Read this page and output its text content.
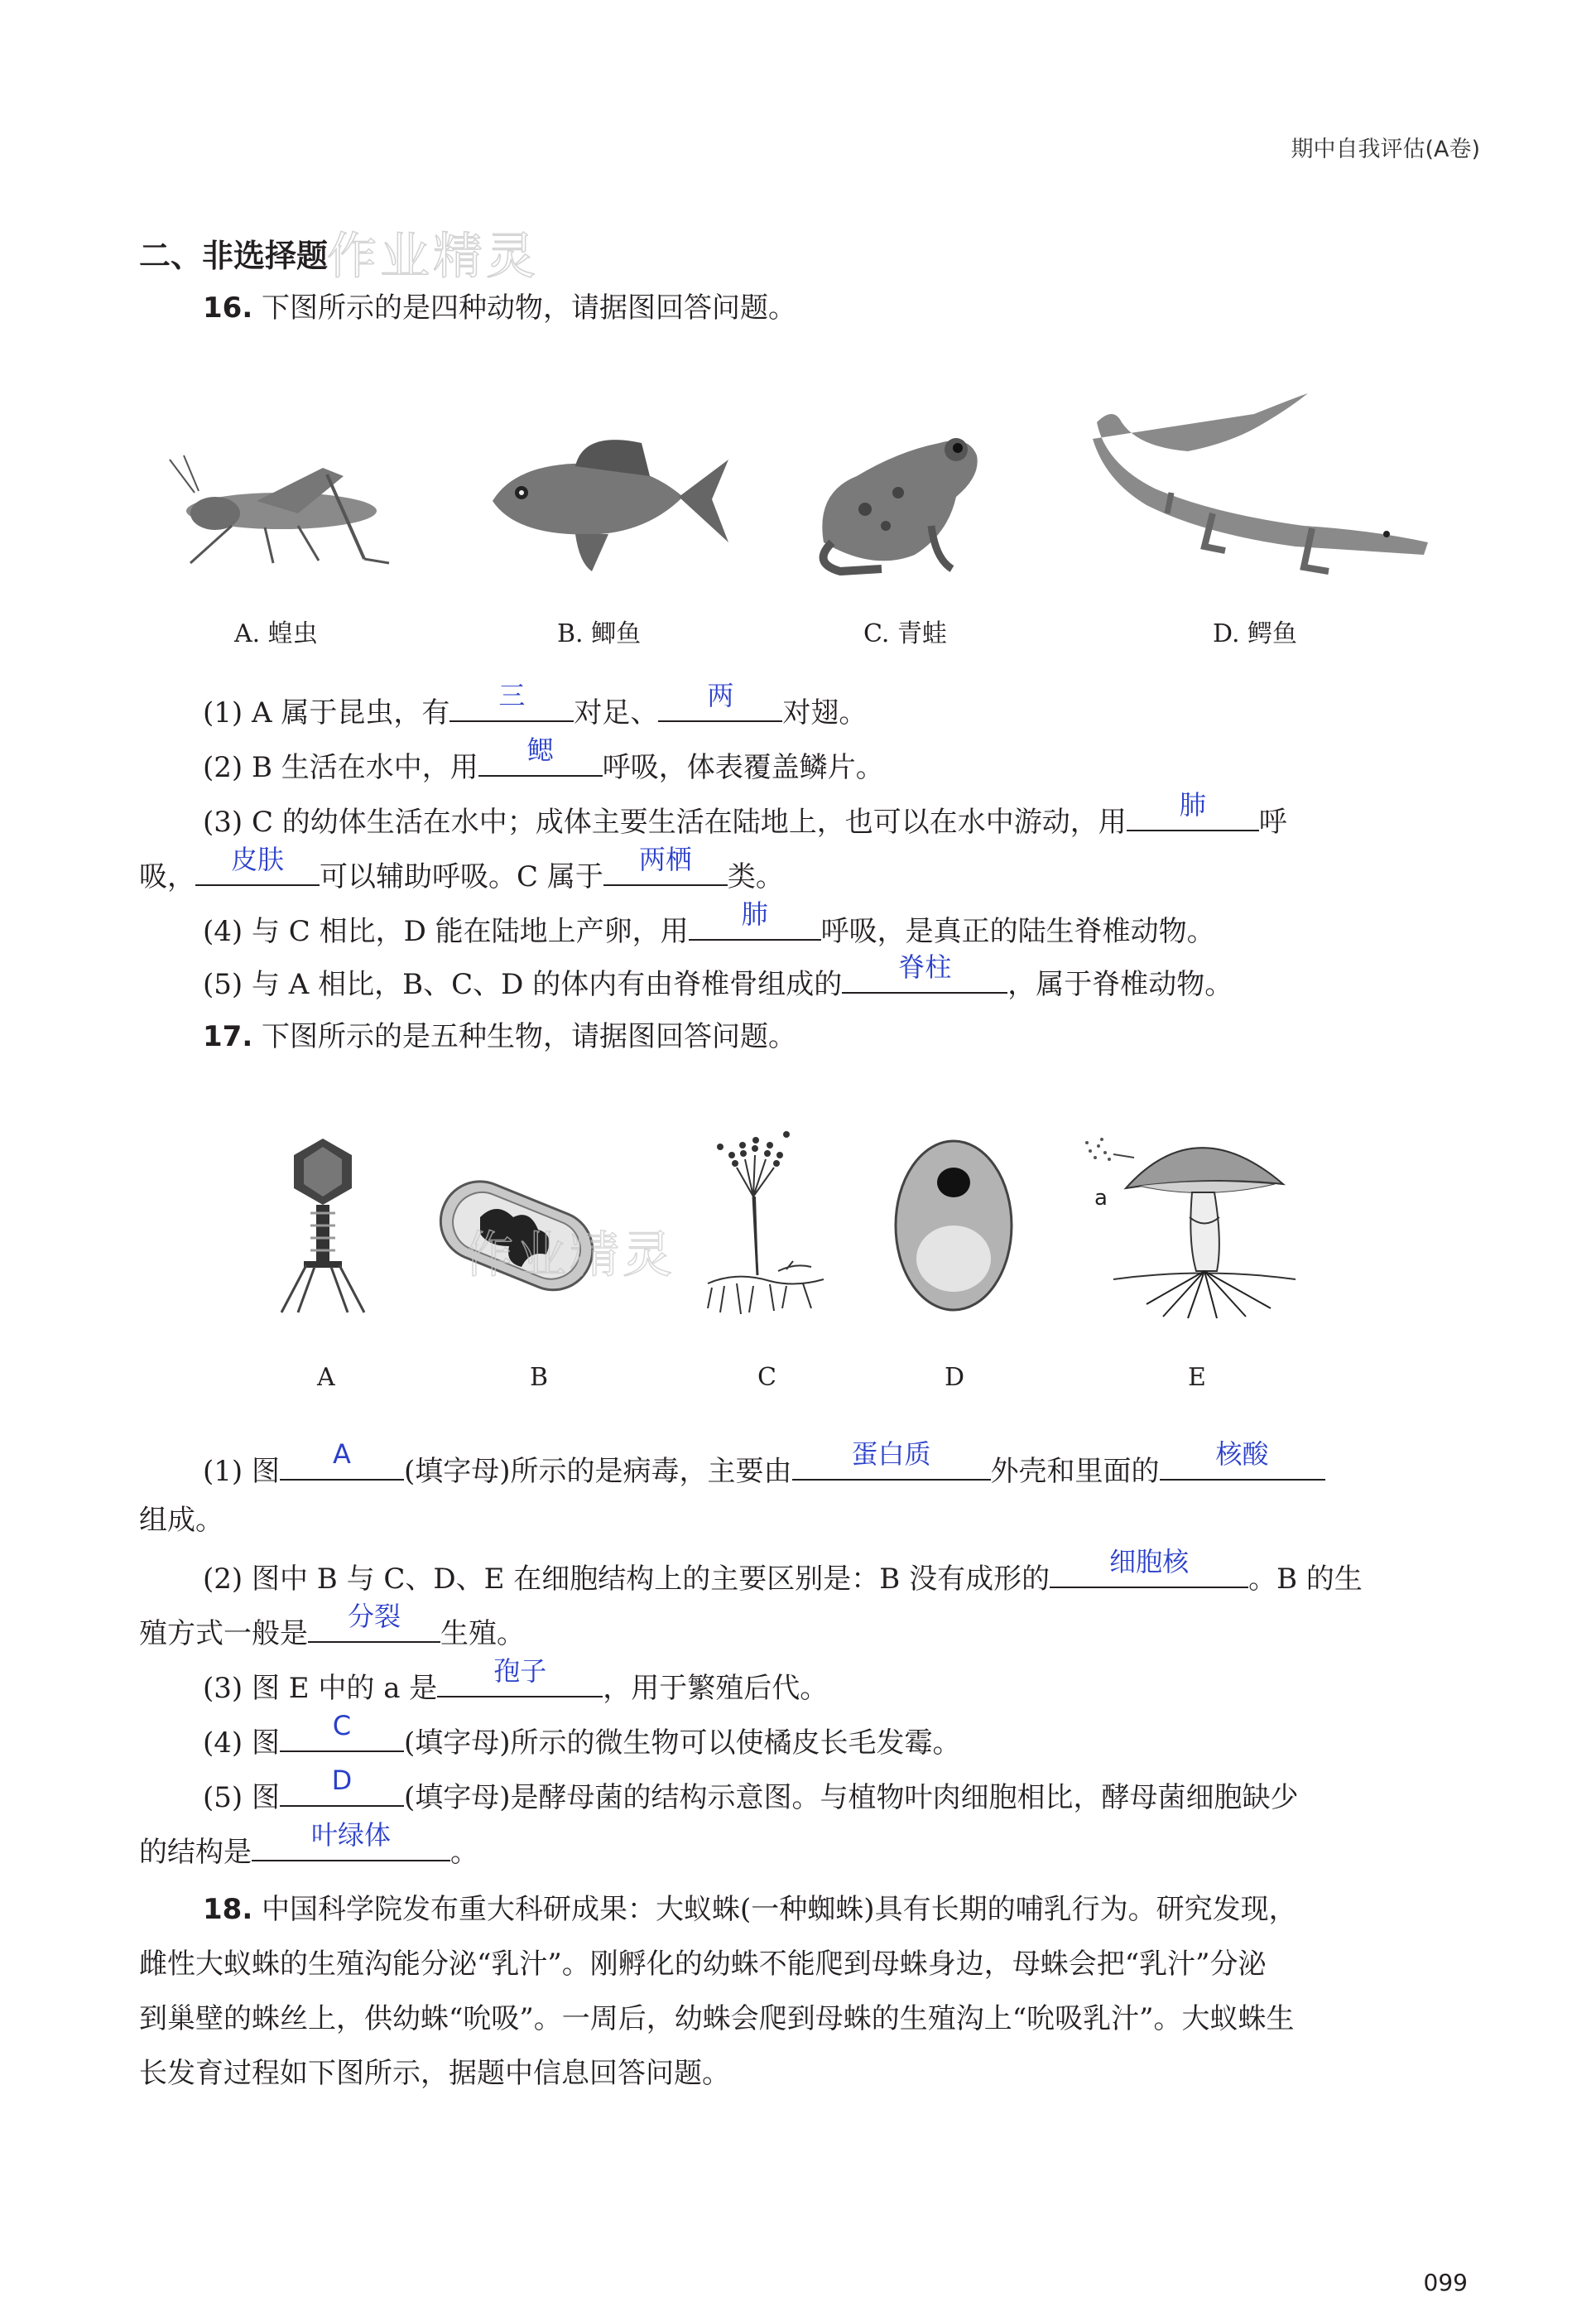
期中自我评估(A卷)
二、非选择题
作业精灵
16. 下图所示的是四种动物，请据图回答问题。
A. 蝗虫	B. 鲫鱼	C. 青蛙	D. 鳄鱼
(1) A 属于昆虫，有
三
对足、
两
对翅。
(2) B 生活在水中，用
鳃
呼吸，体表覆盖鳞片。
(3) C 的幼体生活在水中；成体主要生活在陆地上，也可以在水中游动，用
肺
呼
吸，
皮肤
可以辅助呼吸。C 属于
两栖
类。
(4) 与 C 相比，D 能在陆地上产卵，用
肺
呼吸，是真正的陆生脊椎动物。
(5) 与 A 相比，B、C、D 的体内有由脊椎骨组成的
脊柱
，属于脊椎动物。
17. 下图所示的是五种生物，请据图回答问题。
a
作业精灵
A	B	C	D	E
(1) 图
A
(填字母)所示的是病毒，主要由
蛋白质
外壳和里面的
核酸
组成。
(2) 图中 B 与 C、D、E 在细胞结构上的主要区别是：B 没有成形的
细胞核
。B 的生
殖方式一般是
分裂
生殖。
(3) 图 E 中的 a 是
孢子
，用于繁殖后代。
(4) 图
C
(填字母)所示的微生物可以使橘皮长毛发霉。
(5) 图
D
(填字母)是酵母菌的结构示意图。与植物叶肉细胞相比，酵母菌细胞缺少
的结构是
叶绿体
。
18. 中国科学院发布重大科研成果：大蚁蛛(一种蜘蛛)具有长期的哺乳行为。研究发现，
雌性大蚁蛛的生殖沟能分泌“乳汁”。刚孵化的幼蛛不能爬到母蛛身边，母蛛会把“乳汁”分泌
到巢壁的蛛丝上，供幼蛛“吮吸”。一周后，幼蛛会爬到母蛛的生殖沟上“吮吸乳汁”。大蚁蛛生
长发育过程如下图所示，据题中信息回答问题。
099
